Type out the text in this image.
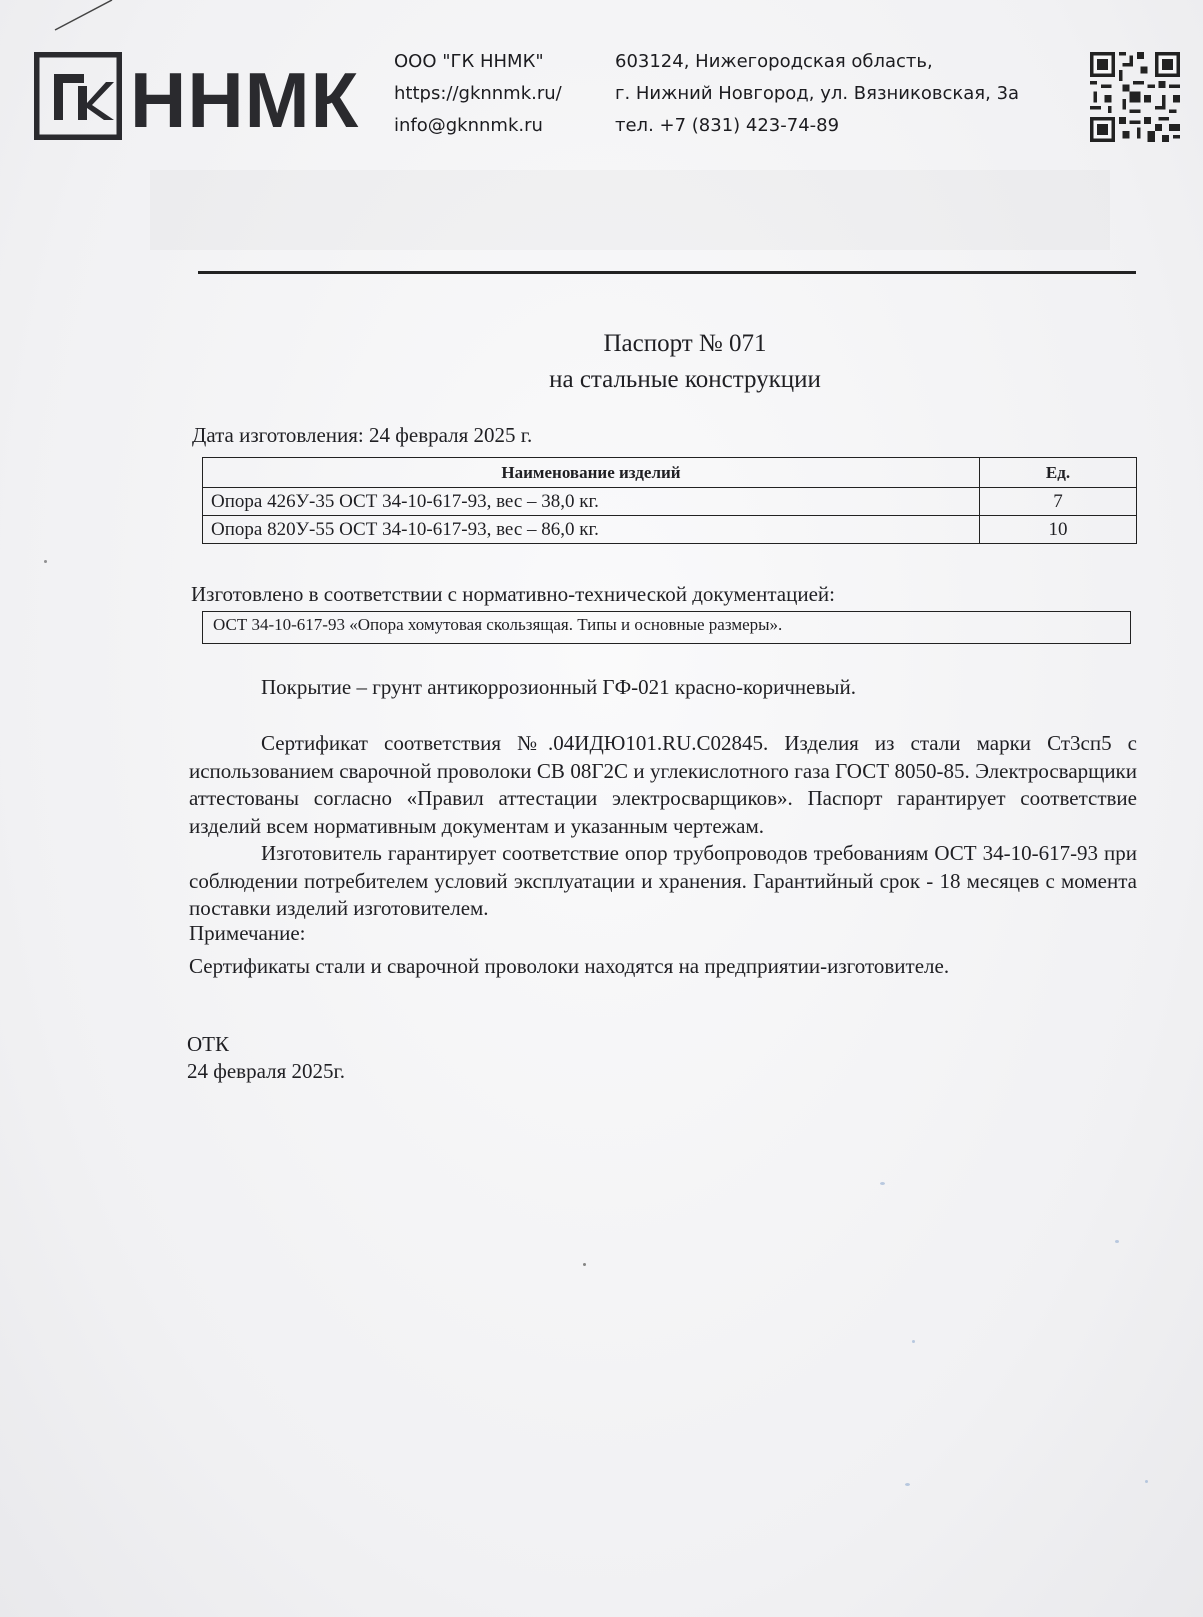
ННМК ООО "ГК ННМК"
https://gknnmk.ru/
info@gknnmk.ru
603124, Нижегородская область,
г. Нижний Новгород, ул. Вязниковская, 3а
тел. +7 (831) 423-74-89
Паспорт № 071
на стальные конструкции
Дата изготовления: 24 февраля 2025 г.
Наименование изделий	Ед.
Опора 426У-35 ОСТ 34-10-617-93, вес – 38,0 кг.	7
Опора 820У-55 ОСТ 34-10-617-93, вес – 86,0 кг.	10
Изготовлено в соответствии с нормативно-технической документацией:
ОСТ 34-10-617-93 «Опора хомутовая скользящая. Типы и основные размеры».
Покрытие – грунт антикоррозионный ГФ-021 красно-коричневый.
Сертификат соответствия №.04ИДЮ101.RU.C02845. Изделия из стали марки Ст3сп5 с использованием сварочной проволоки СВ 08Г2С и углекислотного газа ГОСТ 8050-85. Электросварщики аттестованы согласно «Правил аттестации электросварщиков». Паспорт гарантирует соответствие изделий всем нормативным документам и указанным чертежам.
Изготовитель гарантирует соответствие опор трубопроводов требованиям ОСТ 34-10-617-93 при соблюдении потребителем условий эксплуатации и хранения. Гарантийный срок - 18 месяцев с момента поставки изделий изготовителем.
Примечание:
Сертификаты стали и сварочной проволоки находятся на предприятии-изготовителе.
ОТК
24 февраля 2025г.
